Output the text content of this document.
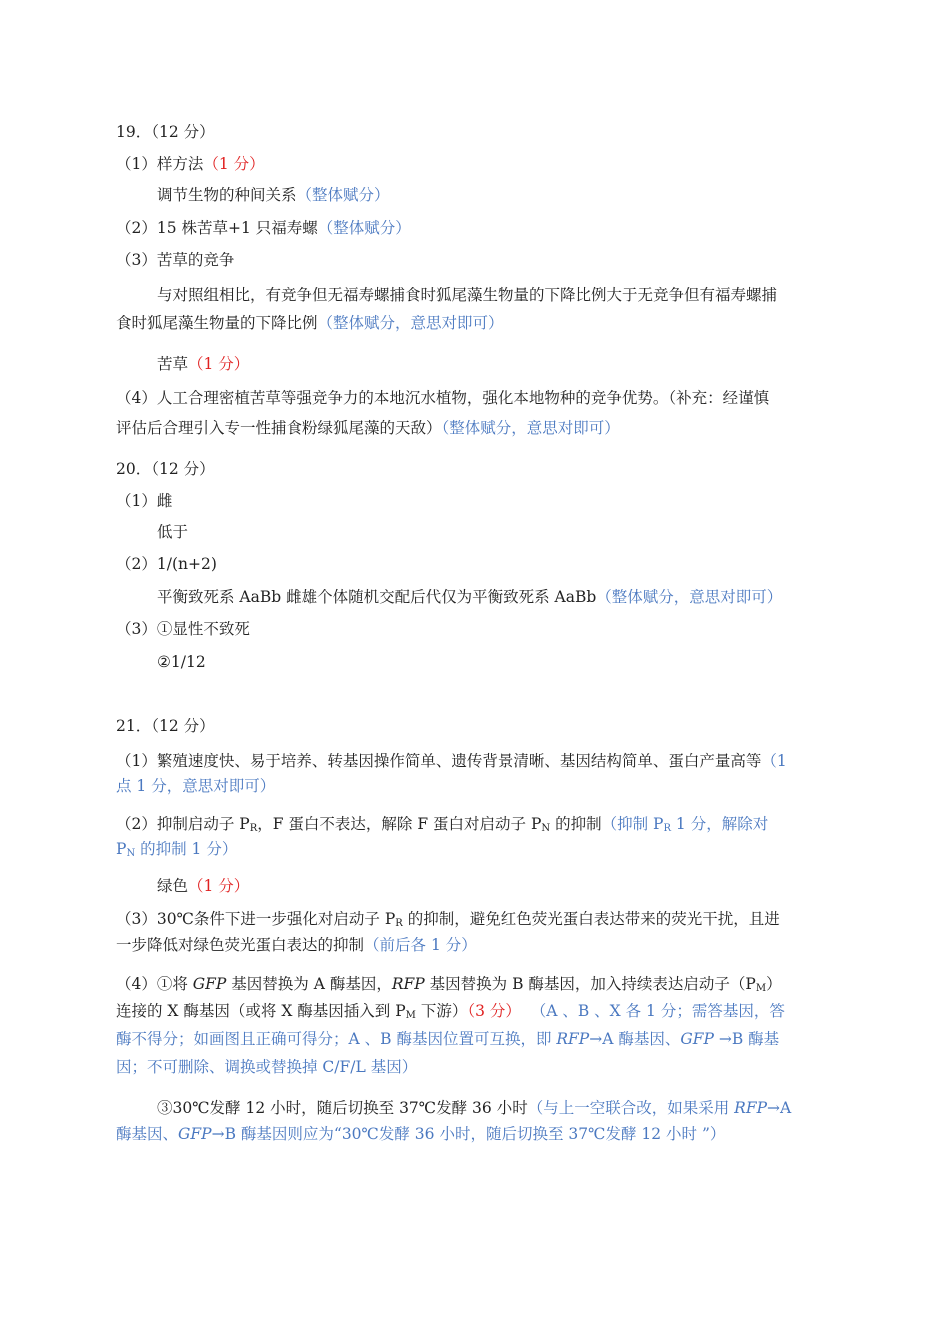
19．（12 分）
（1）样方法（1 分）
调节生物的种间关系（整体赋分）
（2）15 株苦草+1 只福寿螺（整体赋分）
（3）苦草的竞争
与对照组相比，有竞争但无福寿螺捕食时狐尾藻生物量的下降比例大于无竞争但有福寿螺捕
食时狐尾藻生物量的下降比例（整体赋分，意思对即可）
苦草（1 分）
（4）人工合理密植苦草等强竞争力的本地沉水植物，强化本地物种的竞争优势。（补充：经谨慎
评估后合理引入专一性捕食粉绿狐尾藻的天敌）（整体赋分，意思对即可）
20．（12 分）
（1）雌
低于
（2）1/(n+2)
平衡致死系 AaBb 雌雄个体随机交配后代仅为平衡致死系 AaBb（整体赋分，意思对即可）
（3）①显性不致死
②1/12
21．（12 分）
（1）繁殖速度快、易于培养、转基因操作简单、遗传背景清晰、基因结构简单、蛋白产量高等（1
点 1 分，意思对即可）
（2）抑制启动子 $P_R$，F 蛋白不表达，解除 F 蛋白对启动子 $P_N$ 的抑制（抑制 $P_R$ 1 分，解除对
$P_N$ 的抑制 1 分）
绿色（1 分）
（3）30℃条件下进一步强化对启动子 $P_R$ 的抑制，避免红色荧光蛋白表达带来的荧光干扰，且进
一步降低对绿色荧光蛋白表达的抑制（前后各 1 分）
（4）①将 GFP 基因替换为 A 酶基因，RFP 基因替换为 B 酶基因，加入持续表达启动子$(P_M)$
连接的 X 酶基因（或将 X 酶基因插入到 $P_M$ 下游）（3 分）  （A 、B 、X 各 1 分；需答基因，答
酶不得分；如画图且正确可得分；A 、B 酶基因位置可互换，即 RFP→A 酶基因、GFP →B 酶基
因；不可删除、调换或替换掉 C/F/L 基因）
③30℃发酵 12 小时，随后切换至 37℃发酵 36 小时（与上一空联合改，如果采用 RFP→A
酶基因、GFP→B 酶基因则应为“30℃发酵 36 小时，随后切换至 37℃发酵 12 小时 ”）
